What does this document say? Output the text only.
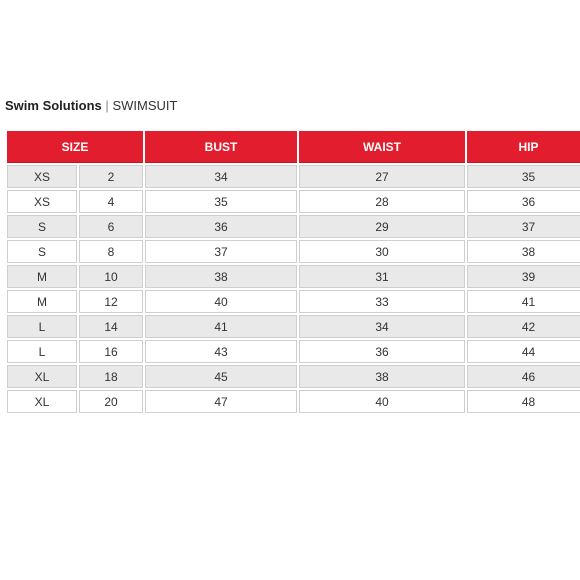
Swim Solutions | SWIMSUIT
SIZE		BUST	WAIST	HIP
XS	2	34	27	35
XS	4	35	28	36
S	6	36	29	37
S	8	37	30	38
M	10	38	31	39
M	12	40	33	41
L	14	41	34	42
L	16	43	36	44
XL	18	45	38	46
XL	20	47	40	48
